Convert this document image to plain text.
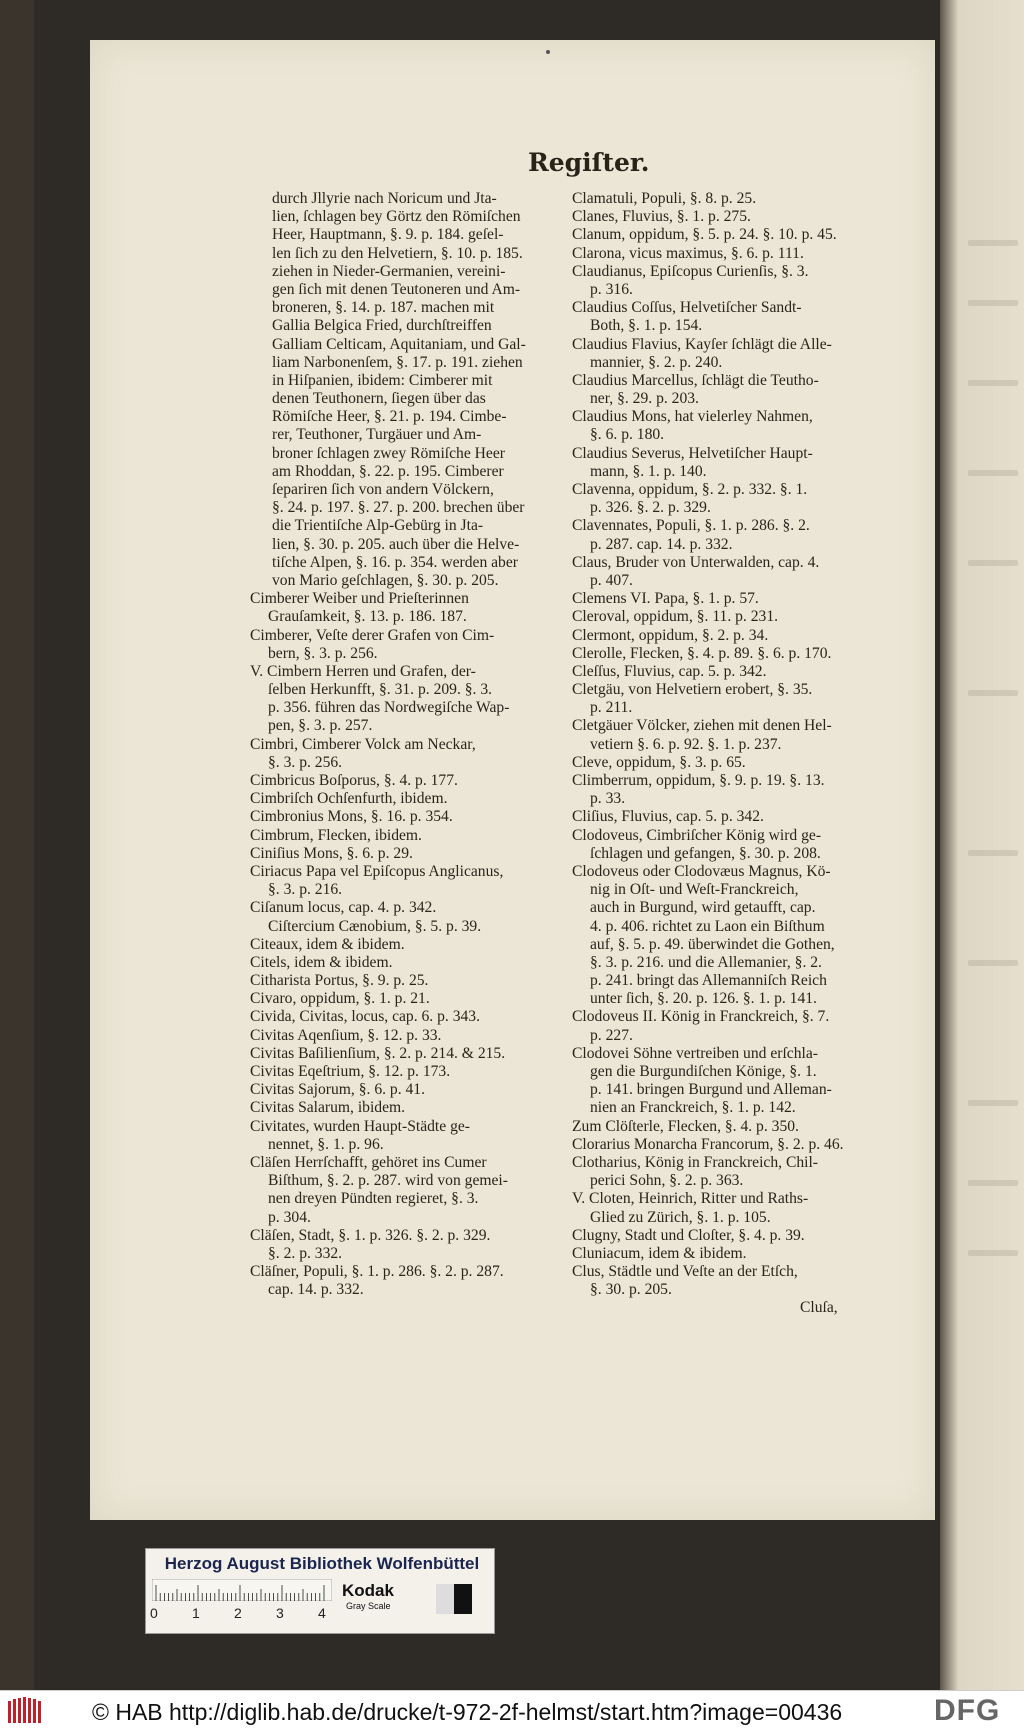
Regiſter.
durch Jllyrie nach Noricum und Jta-
lien, ſchlagen bey Görtz den Römiſchen
Heer, Hauptmann, §. 9. p. 184. geſel-
len ſich zu den Helvetiern, §. 10. p. 185.
ziehen in Nieder-Germanien, vereini-
gen ſich mit denen Teutoneren und Am-
broneren, §. 14. p. 187. machen mit
Gallia Belgica Fried, durchſtreiffen
Galliam Celticam, Aquitaniam, und Gal-
liam Narbonenſem, §. 17. p. 191. ziehen
in Hiſpanien, ibidem: Cimberer mit
denen Teuthonern, ſiegen über das
Römiſche Heer, §. 21. p. 194. Cimbe-
rer, Teuthoner, Turgäuer und Am-
broner ſchlagen zwey Römiſche Heer
am Rhoddan, §. 22. p. 195. Cimberer
ſepariren ſich von andern Völckern,
§. 24. p. 197. §. 27. p. 200. brechen über
die Trientiſche Alp-Gebürg in Jta-
lien, §. 30. p. 205. auch über die Helve-
tiſche Alpen, §. 16. p. 354. werden aber
von Mario geſchlagen, §. 30. p. 205.
Cimberer Weiber und Prieſterinnen
Grauſamkeit, §. 13. p. 186. 187.
Cimberer, Veſte derer Grafen von Cim-
bern, §. 3. p. 256.
V. Cimbern Herren und Grafen, der-
ſelben Herkunfft, §. 31. p. 209. §. 3.
p. 356. führen das Nordwegiſche Wap-
pen, §. 3. p. 257.
Cimbri, Cimberer Volck am Neckar,
§. 3. p. 256.
Cimbricus Boſporus, §. 4. p. 177.
Cimbriſch Ochſenfurth, ibidem.
Cimbronius Mons, §. 16. p. 354.
Cimbrum, Flecken, ibidem.
Ciniſius Mons, §. 6. p. 29.
Ciriacus Papa vel Epiſcopus Anglicanus,
§. 3. p. 216.
Ciſanum locus, cap. 4. p. 342.
Ciſtercium Cænobium, §. 5. p. 39.
Citeaux, idem & ibidem.
Citels, idem & ibidem.
Citharista Portus, §. 9. p. 25.
Civaro, oppidum, §. 1. p. 21.
Civida, Civitas, locus, cap. 6. p. 343.
Civitas Aqenſium, §. 12. p. 33.
Civitas Baſilienſium, §. 2. p. 214. & 215.
Civitas Eqeſtrium, §. 12. p. 173.
Civitas Sajorum, §. 6. p. 41.
Civitas Salarum, ibidem.
Civitates, wurden Haupt-Städte ge-
nennet, §. 1. p. 96.
Cläſen Herrſchafft, gehöret ins Cumer
Biſthum, §. 2. p. 287. wird von gemei-
nen dreyen Pündten regieret, §. 3.
p. 304.
Cläſen, Stadt, §. 1. p. 326. §. 2. p. 329.
§. 2. p. 332.
Cläſner, Populi, §. 1. p. 286. §. 2. p. 287.
cap. 14. p. 332.
Clamatuli, Populi, §. 8. p. 25.
Clanes, Fluvius, §. 1. p. 275.
Clanum, oppidum, §. 5. p. 24. §. 10. p. 45.
Clarona, vicus maximus, §. 6. p. 111.
Claudianus, Epiſcopus Curienſis, §. 3.
p. 316.
Claudius Coſſus, Helvetiſcher Sandt-
Both, §. 1. p. 154.
Claudius Flavius, Kayſer ſchlägt die Alle-
mannier, §. 2. p. 240.
Claudius Marcellus, ſchlägt die Teutho-
ner, §. 29. p. 203.
Claudius Mons, hat vielerley Nahmen,
§. 6. p. 180.
Claudius Severus, Helvetiſcher Haupt-
mann, §. 1. p. 140.
Clavenna, oppidum, §. 2. p. 332. §. 1.
p. 326. §. 2. p. 329.
Clavennates, Populi, §. 1. p. 286. §. 2.
p. 287. cap. 14. p. 332.
Claus, Bruder von Unterwalden, cap. 4.
p. 407.
Clemens VI. Papa, §. 1. p. 57.
Cleroval, oppidum, §. 11. p. 231.
Clermont, oppidum, §. 2. p. 34.
Clerolle, Flecken, §. 4. p. 89. §. 6. p. 170.
Cleſſus, Fluvius, cap. 5. p. 342.
Cletgäu, von Helvetiern erobert, §. 35.
p. 211.
Cletgäuer Völcker, ziehen mit denen Hel-
vetiern §. 6. p. 92. §. 1. p. 237.
Cleve, oppidum, §. 3. p. 65.
Climberrum, oppidum, §. 9. p. 19. §. 13.
p. 33.
Cliſius, Fluvius, cap. 5. p. 342.
Clodoveus, Cimbriſcher König wird ge-
ſchlagen und gefangen, §. 30. p. 208.
Clodoveus oder Clodovæus Magnus, Kö-
nig in Oſt- und Weſt-Franckreich,
auch in Burgund, wird getaufft, cap.
4. p. 406. richtet zu Laon ein Biſthum
auf, §. 5. p. 49. überwindet die Gothen,
§. 3. p. 216. und die Allemanier, §. 2.
p. 241. bringt das Allemanniſch Reich
unter ſich, §. 20. p. 126. §. 1. p. 141.
Clodoveus II. König in Franckreich, §. 7.
p. 227.
Clodovei Söhne vertreiben und erſchla-
gen die Burgundiſchen Könige, §. 1.
p. 141. bringen Burgund und Alleman-
nien an Franckreich, §. 1. p. 142.
Zum Clöſterle, Flecken, §. 4. p. 350.
Clorarius Monarcha Francorum, §. 2. p. 46.
Clotharius, König in Franckreich, Chil-
perici Sohn, §. 2. p. 363.
V. Cloten, Heinrich, Ritter und Raths-
Glied zu Zürich, §. 1. p. 105.
Clugny, Stadt und Cloſter, §. 4. p. 39.
Cluniacum, idem & ibidem.
Clus, Städtle und Veſte an der Etſch,
§. 30. p. 205.
Cluſa,
Herzog August Bibliothek Wolfenbüttel
0 1 2 3 4
Kodak
Gray Scale
© HAB http://diglib.hab.de/drucke/t-972-2f-helmst/start.htm?image=00436	DFG
